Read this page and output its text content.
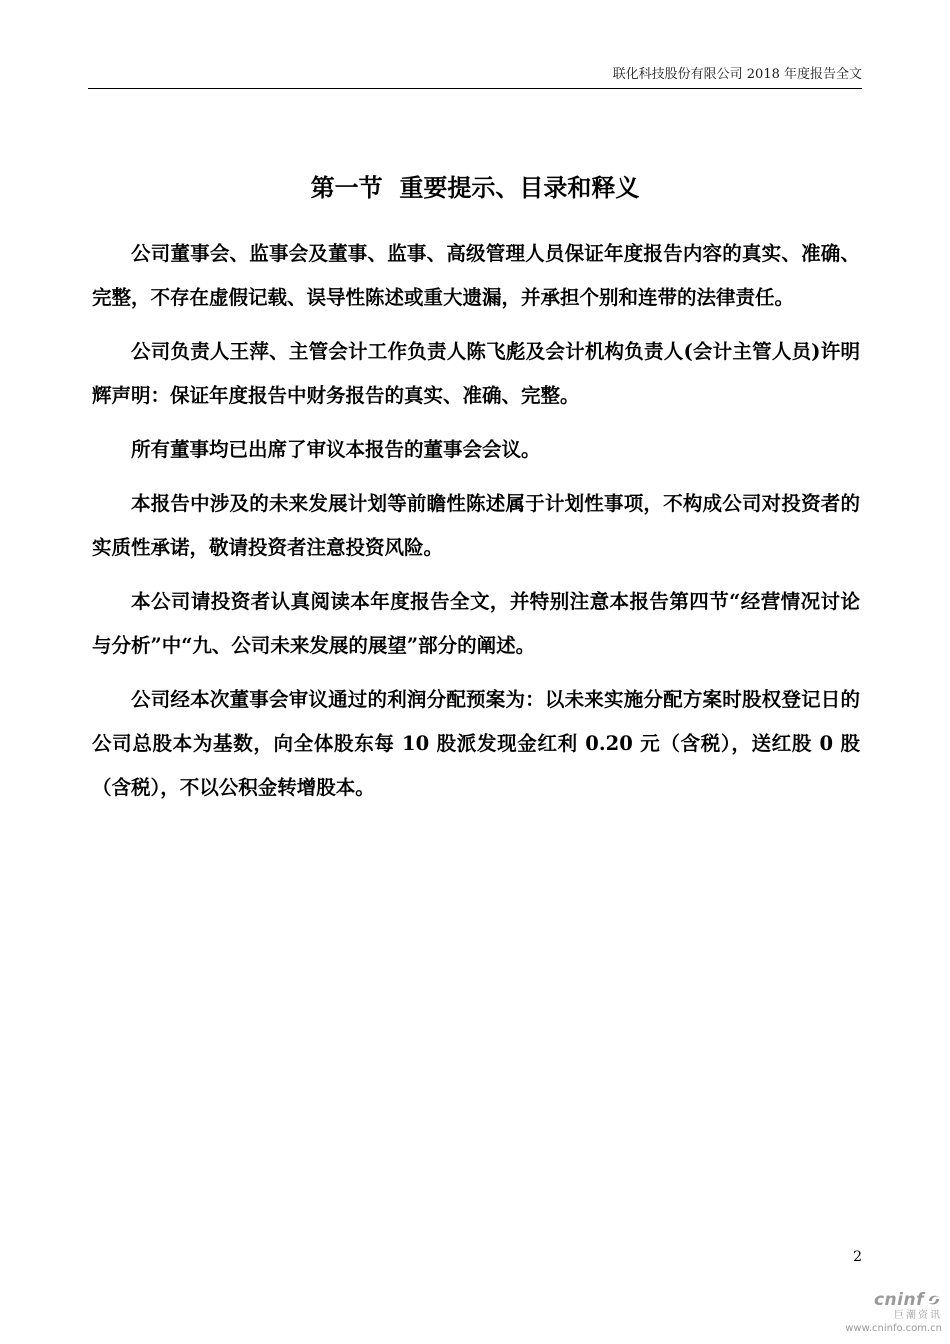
联化科技股份有限公司 2018 年度报告全文
第一节  重要提示、目录和释义

公司董事会、监事会及董事、监事、高级管理人员保证年度报告内容的真实、准确、完整，不存在虚假记载、误导性陈述或重大遗漏，并承担个别和连带的法律责任。

公司负责人王萍、主管会计工作负责人陈飞彪及会计机构负责人(会计主管人员)许明辉声明：保证年度报告中财务报告的真实、准确、完整。

所有董事均已出席了审议本报告的董事会会议。

本报告中涉及的未来发展计划等前瞻性陈述属于计划性事项，不构成公司对投资者的实质性承诺，敬请投资者注意投资风险。

本公司请投资者认真阅读本年度报告全文，并特别注意本报告第四节“经营情况讨论与分析”中“九、公司未来发展的展望”部分的阐述。

公司经本次董事会审议通过的利润分配预案为：以未来实施分配方案时股权登记日的公司总股本为基数，向全体股东每 10 股派发现金红利 0.20 元（含税），送红股 0 股（含税），不以公积金转增股本。

2
cninf
巨潮资讯
www.cninfo.com.cn
